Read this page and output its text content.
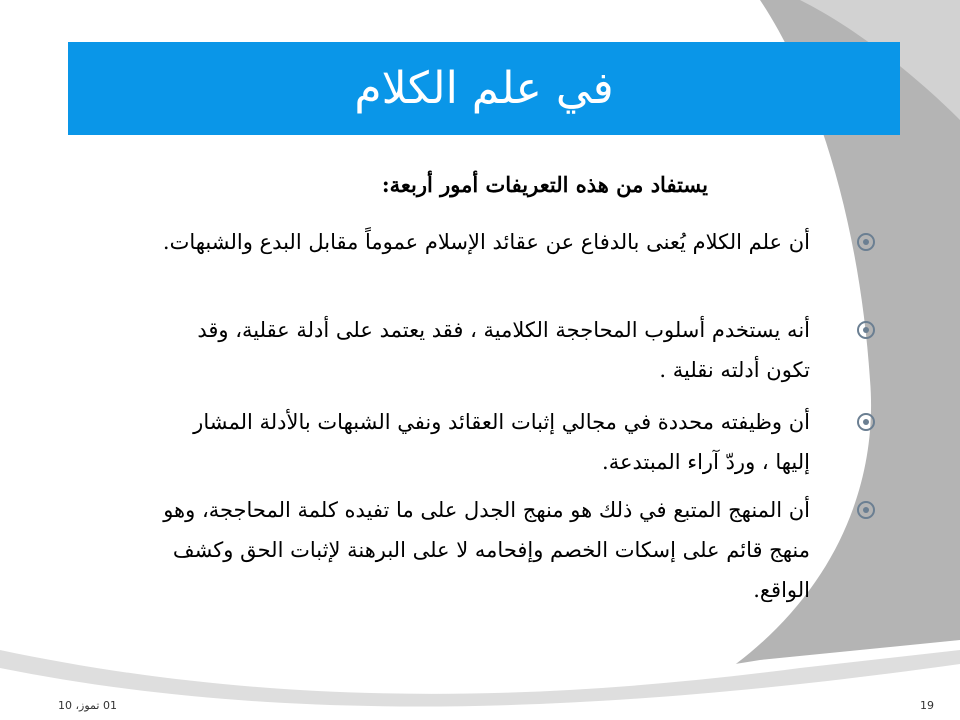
في علم الكلام
يستفاد من هذه التعريفات أمور أربعة:
أن علم الكلام يُعنى بالدفاع عن عقائد الإسلام عموماً مقابل البدع والشبهات.
أنه يستخدم أسلوب المحاججة الكلامية ، فقد يعتمد على أدلة عقلية، وقد تكون أدلته نقلية .
أن وظيفته محددة في مجالي إثبات العقائد ونفي الشبهات بالأدلة المشار إليها ، وردّ آراء المبتدعة.
أن المنهج المتبع في ذلك هو منهج الجدل على ما تفيده كلمة المحاججة، وهو منهج قائم على إسكات الخصم وإفحامه لا على البرهنة لإثبات الحق وكشف الواقع.
01 تموز، 10	19
